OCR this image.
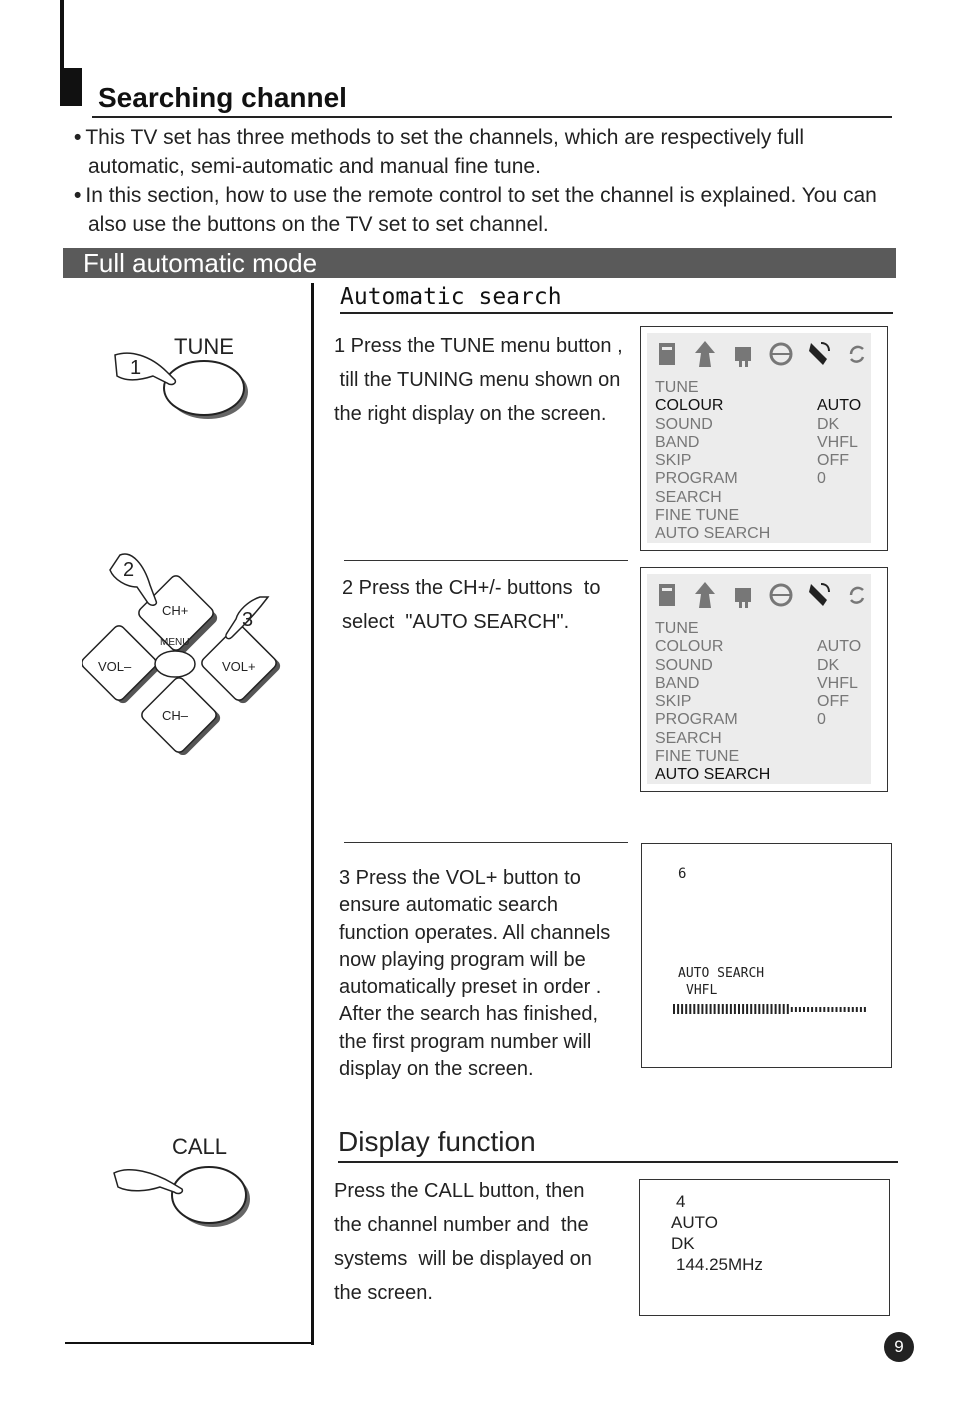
Searching channel
• This TV set has three methods to set the channels, which are respectively full automatic, semi-automatic and manual fine tune.
• In this section, how to use the remote control to set the channel is explained. You can also use the buttons on the TV set to set channel.
Full automatic mode
Automatic search
TUNE
1
1 Press the TUNE menu button ,
till the TUNING menu shown on
the right display on the screen.
TUNE
COLOUR	AUTO
SOUND	DK
BAND	VHFL
SKIP	OFF
PROGRAM	0
SEARCH
FINE TUNE
AUTO SEARCH
2
3
CH+
MENU
VOL–	VOL+
CH–
2 Press the CH+/- buttons  to
select  "AUTO SEARCH".	TUNE
COLOUR	AUTO
SOUND	DK
BAND	VHFL
SKIP	OFF
PROGRAM	0
SEARCH
FINE TUNE
AUTO SEARCH
3 Press the VOL+ button to
ensure automatic search
function operates. All channels
now playing program will be
automatically preset in order .
After the search has finished,
the first program number will
display on the screen.
6
AUTO SEARCH
VHFL
Display function
CALL
Press the CALL button, then
the channel number and  the
systems  will be displayed on
the screen.
4
AUTO
DK
144.25MHz
9
